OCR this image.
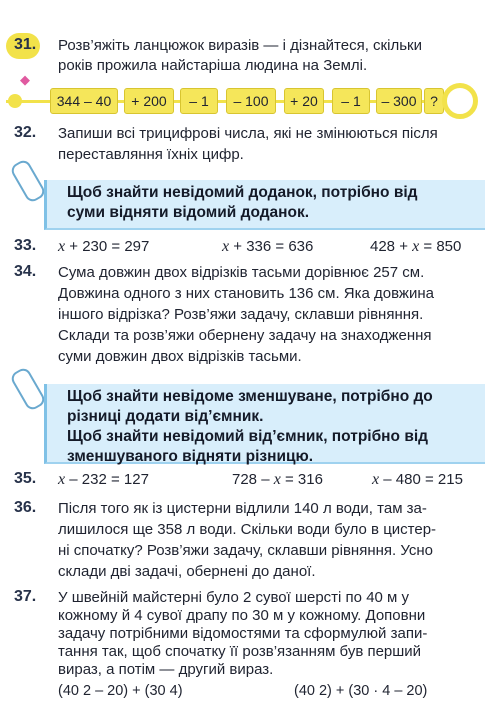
31. Розв’яжіть ланцюжок виразів — і дізнайтеся, скільки
років прожила найстаріша людина на Землі.
◆
344 – 40	+ 200	– 1	– 100	+ 20	– 1	– 300 ?
32. Запиши всі трицифрові числа, які не змінюються після
переставляння їхніх цифр.
Щоб знайти невідомий доданок, потрібно від
суми відняти відомий доданок.
33. x + 230 = 297	x + 336 = 636	428 + x = 850
34. Сума довжин двох відрізків тасьми дорівнює 257 см.
Довжина одного з них становить 136 см. Яка довжина
іншого відрізка? Розв’яжи задачу, склавши рівняння.
Склади та розв’яжи обернену задачу на знаходження
суми довжин двох відрізків тасьми.
Щоб знайти невідоме зменшуване, потрібно до
різниці додати від’ємник.
Щоб знайти невідомий від’ємник, потрібно від
зменшуваного відняти різницю.
35. x – 232 = 127	728 – x = 316	x – 480 = 215
36. Після того як із цистерни відлили 140 л води, там за-
лишилося ще 358 л води. Скільки води було в цистер-
ні спочатку? Розв’яжи задачу, склавши рівняння. Усно
склади дві задачі, обернені до даної.
37. У швейній майстерні було 2 сувої шерсті по 40 м у
кожному й 4 сувої драпу по 30 м у кожному. Доповни
задачу потрібними відомостями та сформулюй запи-
тання так, щоб спочатку її розв’язанням був перший
вираз, а потім — другий вираз.
(40 2 – 20) + (30 4)	(40 2) + (30 · 4 – 20)
